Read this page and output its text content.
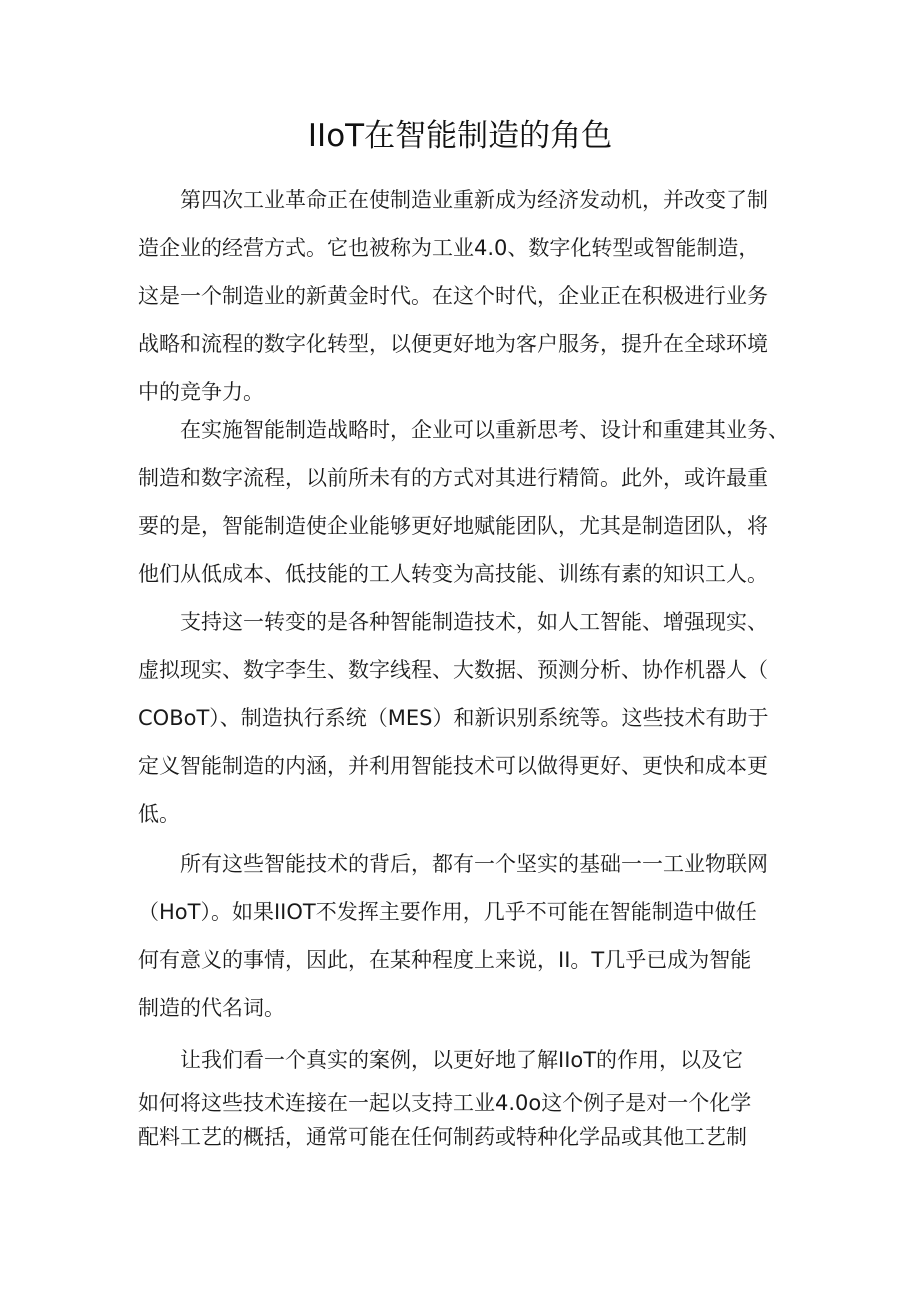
IIoT在智能制造的角色

第四次工业革命正在使制造业重新成为经济发动机，并改变了制
造企业的经营方式。它也被称为工业4.0、数字化转型或智能制造，
这是一个制造业的新黄金时代。在这个时代，企业正在积极进行业务
战略和流程的数字化转型，以便更好地为客户服务，提升在全球环境
中的竞争力。

在实施智能制造战略时，企业可以重新思考、设计和重建其业务、
制造和数字流程，以前所未有的方式对其进行精简。此外，或许最重
要的是，智能制造使企业能够更好地赋能团队，尤其是制造团队，将
他们从低成本、低技能的工人转变为高技能、训练有素的知识工人。

支持这一转变的是各种智能制造技术，如人工智能、增强现实、
虚拟现实、数字李生、数字线程、大数据、预测分析、协作机器人（
COBoT）、制造执行系统（MES）和新识别系统等。这些技术有助于
定义智能制造的内涵，并利用智能技术可以做得更好、更快和成本更
低。

所有这些智能技术的背后，都有一个坚实的基础一一工业物联网
（HoT）。如果IIOT不发挥主要作用，几乎不可能在智能制造中做任
何有意义的事情，因此，在某种程度上来说，II。T几乎已成为智能
制造的代名词。

让我们看一个真实的案例，以更好地了解IIoT的作用，以及它
如何将这些技术连接在一起以支持工业4.0o这个例子是对一个化学
配料工艺的概括，通常可能在任何制药或特种化学品或其他工艺制
